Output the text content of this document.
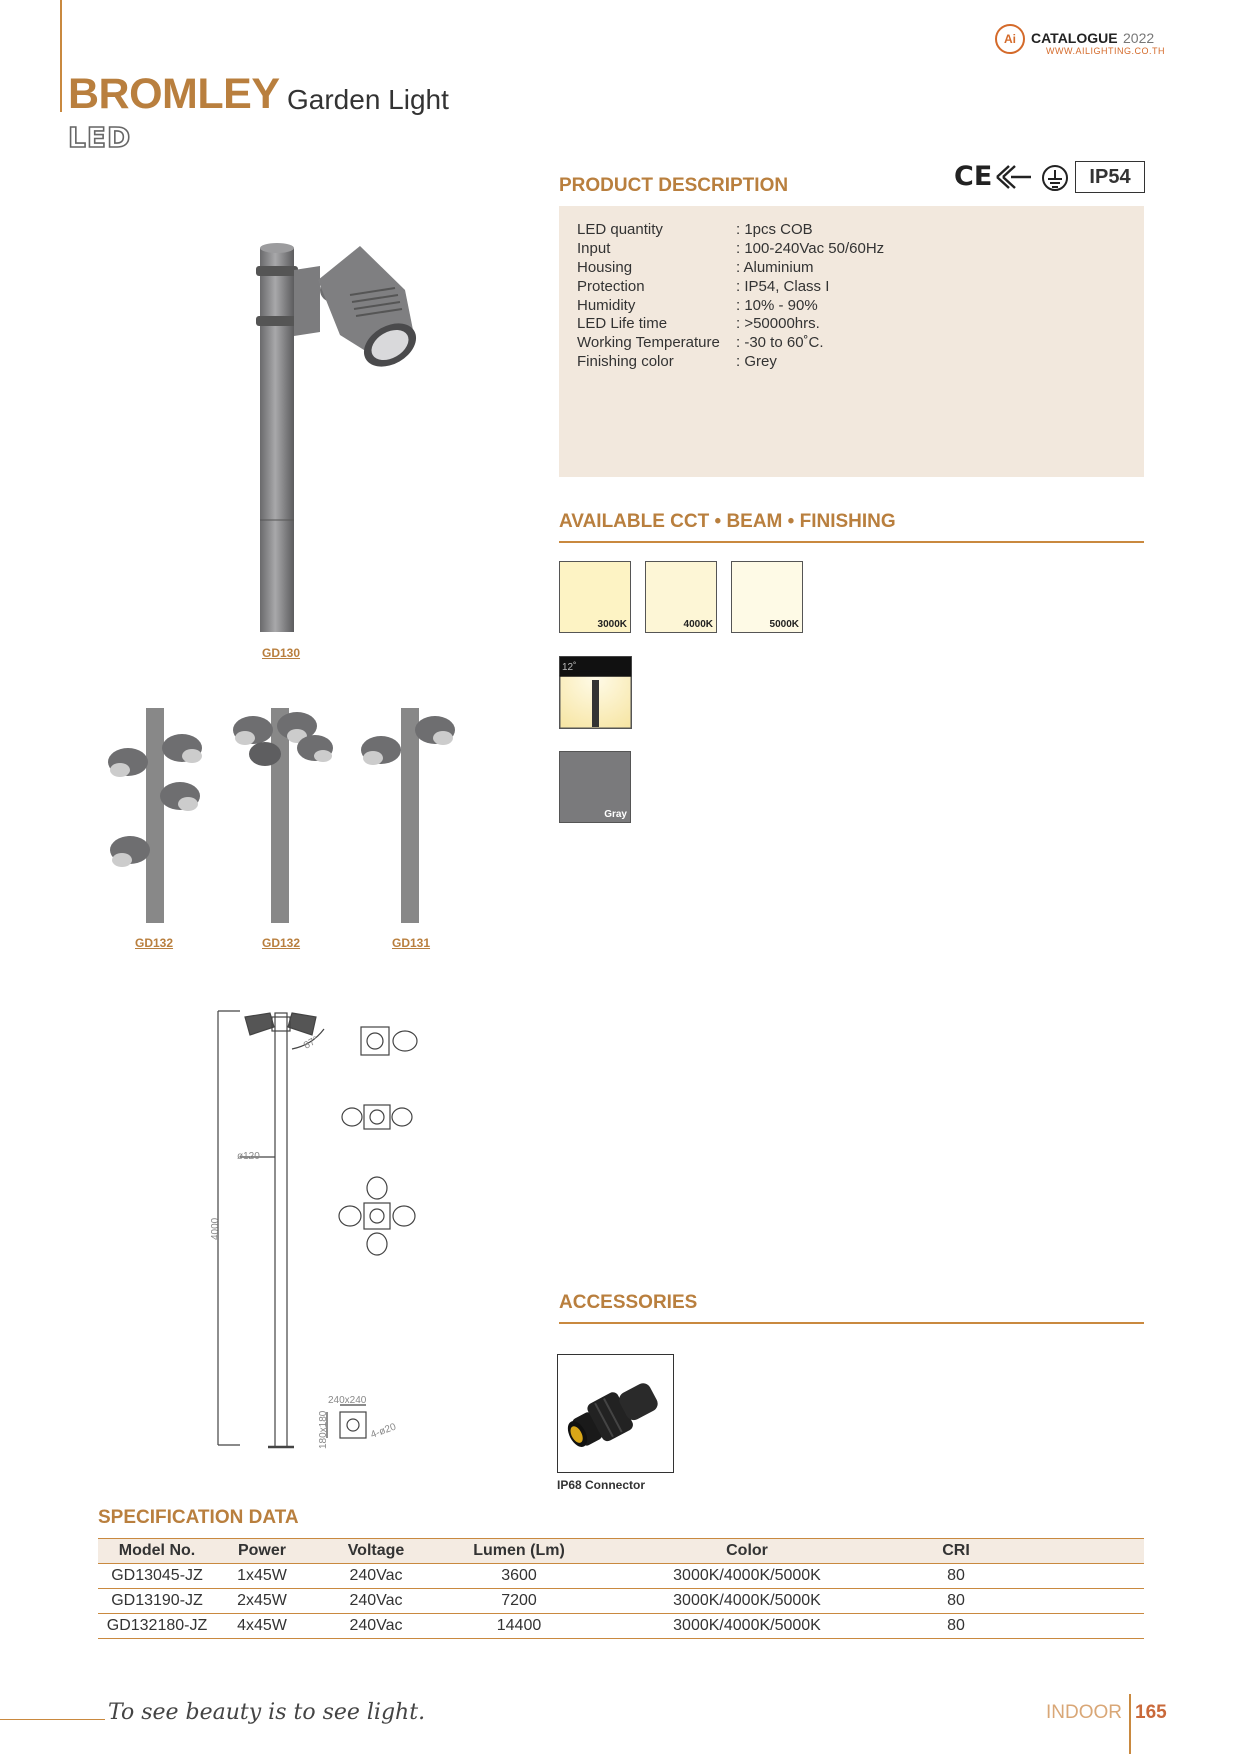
BROMLEY Garden Light
LED
Ai CATALOGUE 2022
WWW.AILIGHTING.CO.TH
GD130
GD132	GD132	GD131
87°
ø120
4000
240x240
180x180	4-ø20
PRODUCT DESCRIPTION	CE	IP54
LED quantity	: 1pcs COB
Input	: 100-240Vac 50/60Hz
Housing	: Aluminium
Protection	: IP54, Class I
Humidity	: 10% - 90%
LED Life time	: >50000hrs.
Working Temperature : -30 to 60˚C.
Finishing color	: Grey
AVAILABLE CCT • BEAM • FINISHING
3000K	4000K	5000K
12˚
Gray
ACCESSORIES
IP68 Connector
SPECIFICATION DATA
Model No.	Power	Voltage	Lumen (Lm)	Color	CRI	
GD13045-JZ	1x45W	240Vac	3600	3000K/4000K/5000K	80	
GD13190-JZ	2x45W	240Vac	7200	3000K/4000K/5000K	80	
GD132180-JZ	4x45W	240Vac	14400	3000K/4000K/5000K	80	
To see beauty is to see light.	INDOOR 165
